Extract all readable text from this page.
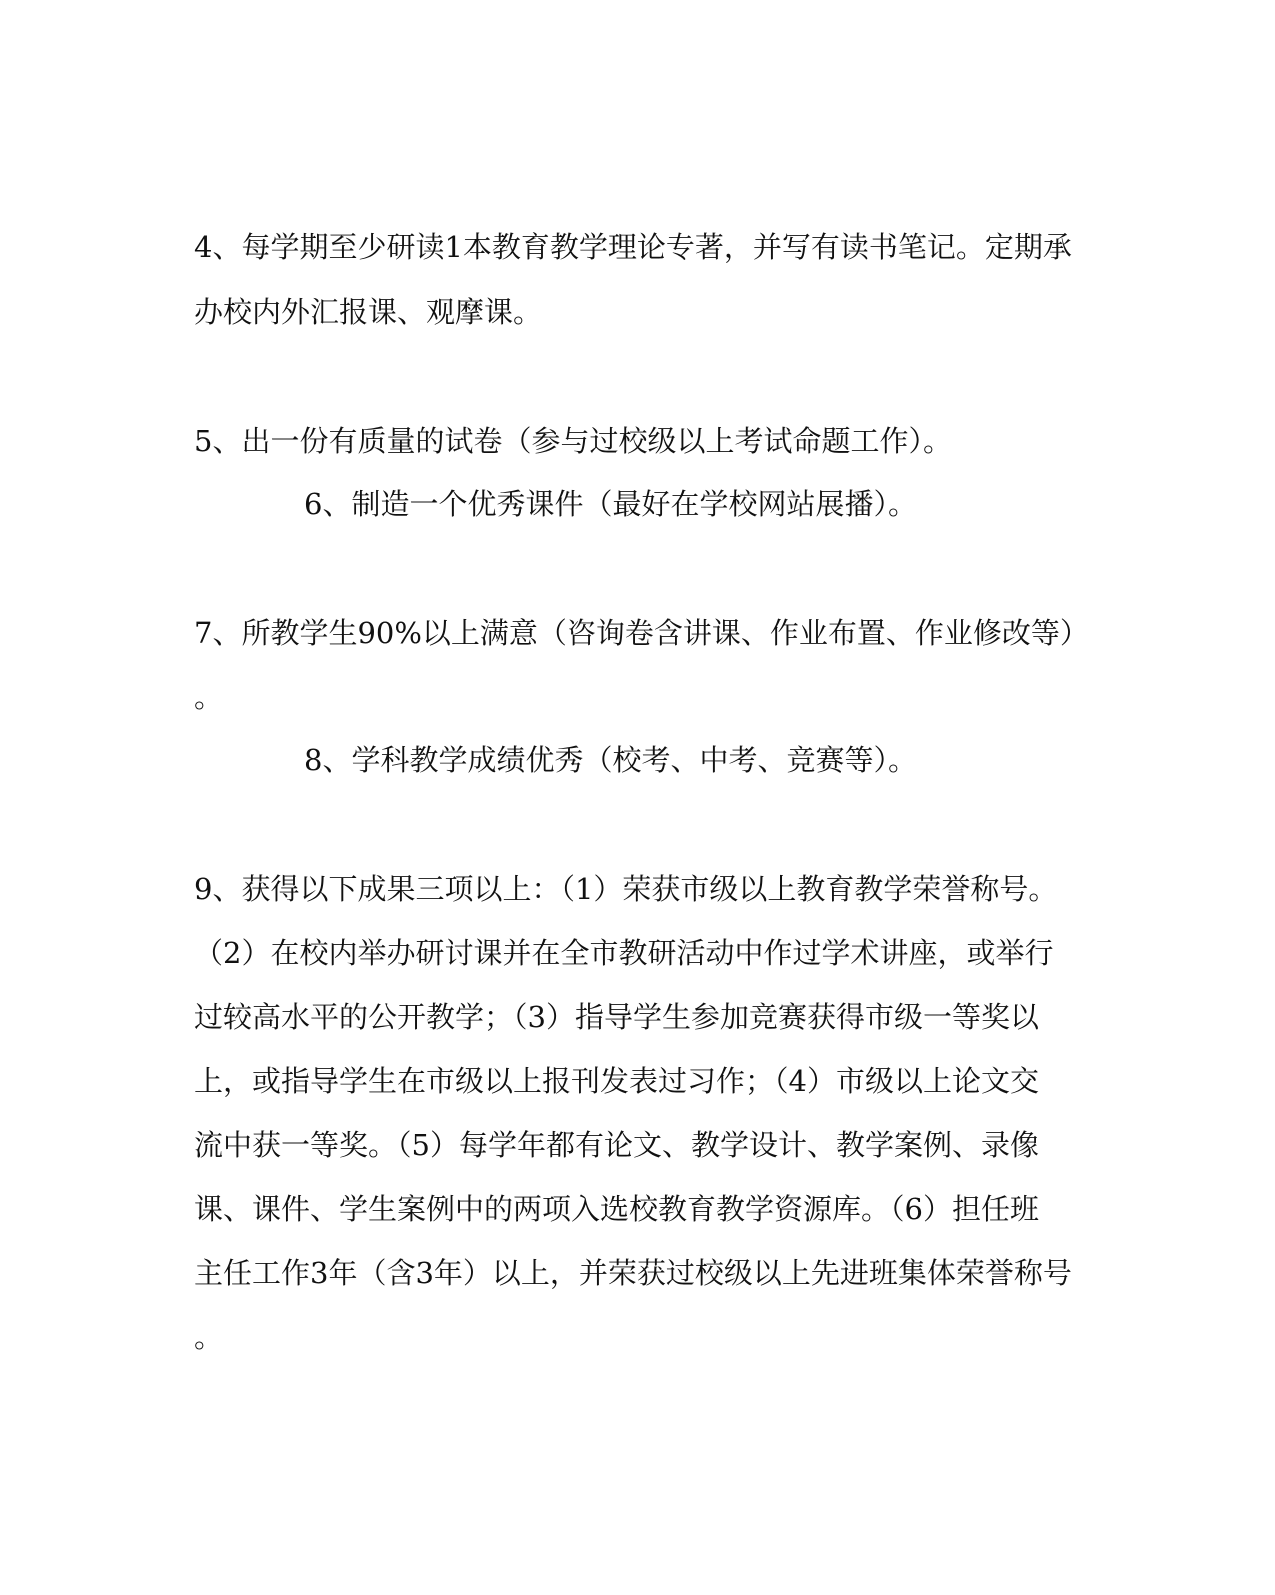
4、每学期至少研读1本教育教学理论专著，并写有读书笔记。定期承
办校内外汇报课、观摩课。
5、出一份有质量的试卷（参与过校级以上考试命题工作）。
6、制造一个优秀课件（最好在学校网站展播）。
7、所教学生90%以上满意（咨询卷含讲课、作业布置、作业修改等）
。
8、学科教学成绩优秀（校考、中考、竞赛等）。
9、获得以下成果三项以上：（1）荣获市级以上教育教学荣誉称号。
（2）在校内举办研讨课并在全市教研活动中作过学术讲座，或举行
过较高水平的公开教学；（3）指导学生参加竞赛获得市级一等奖以
上，或指导学生在市级以上报刊发表过习作；（4）市级以上论文交
流中获一等奖。（5）每学年都有论文、教学设计、教学案例、录像
课、课件、学生案例中的两项入选校教育教学资源库。（6）担任班
主任工作3年（含3年）以上，并荣获过校级以上先进班集体荣誉称号
。
